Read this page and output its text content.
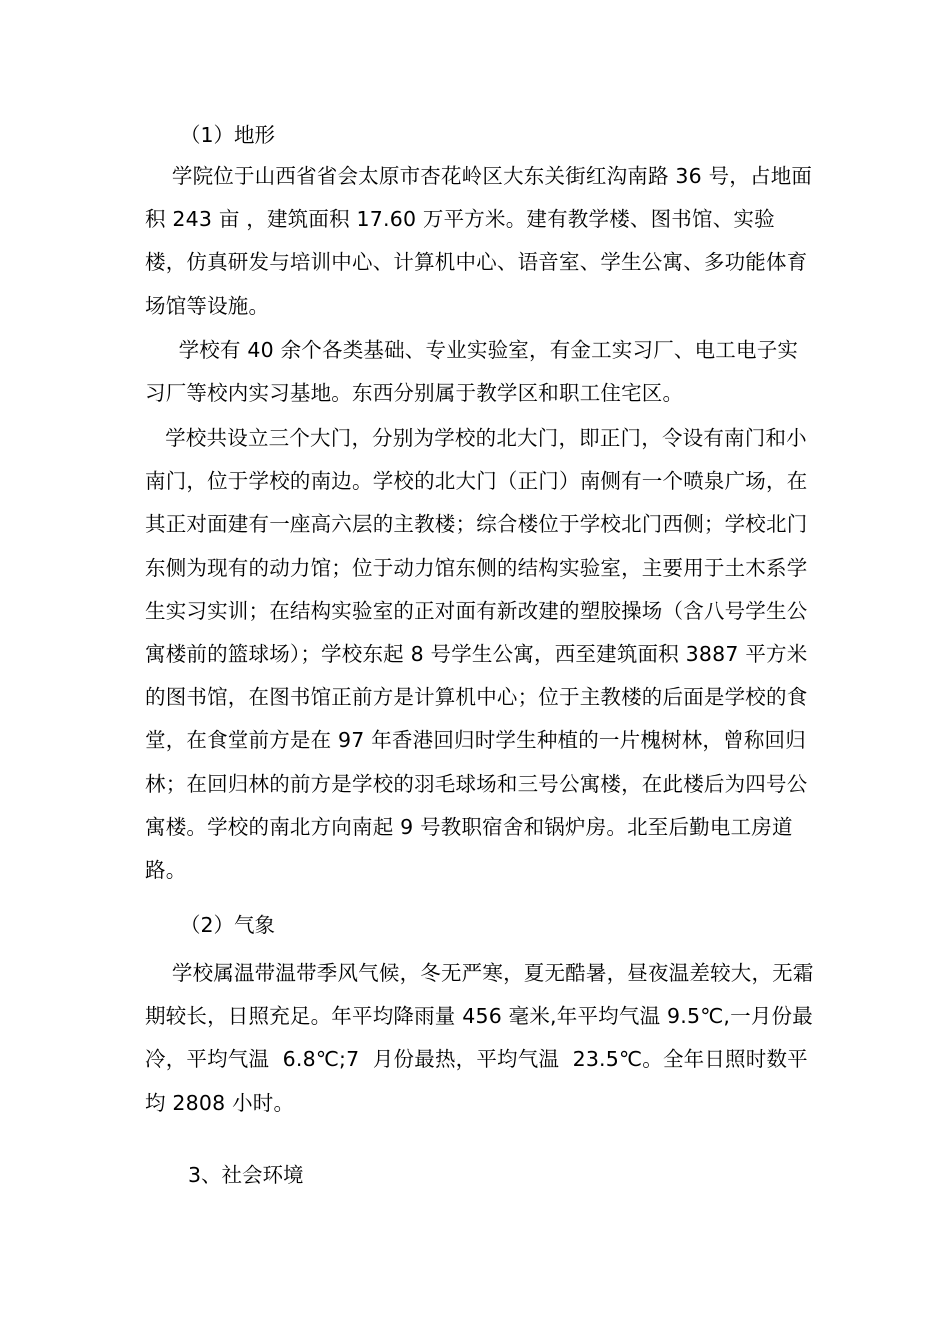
（1）地形
学院位于山西省省会太原市杏花岭区大东关街红沟南路 36 号，占地面积 243 亩 ，建筑面积 17.60 万平方米。建有教学楼、图书馆、实验楼，仿真研发与培训中心、计算机中心、语音室、学生公寓、多功能体育场馆等设施。
学校有 40 余个各类基础、专业实验室，有金工实习厂、电工电子实习厂等校内实习基地。东西分别属于教学区和职工住宅区。
学校共设立三个大门，分别为学校的北大门，即正门，令设有南门和小南门，位于学校的南边。学校的北大门（正门）南侧有一个喷泉广场，在其正对面建有一座高六层的主教楼；综合楼位于学校北门西侧；学校北门东侧为现有的动力馆；位于动力馆东侧的结构实验室，主要用于土木系学生实习实训；在结构实验室的正对面有新改建的塑胶操场（含八号学生公寓楼前的篮球场）；学校东起 8 号学生公寓，西至建筑面积 3887 平方米的图书馆，在图书馆正前方是计算机中心；位于主教楼的后面是学校的食堂，在食堂前方是在 97 年香港回归时学生种植的一片槐树林，曾称回归林；在回归林的前方是学校的羽毛球场和三号公寓楼，在此楼后为四号公寓楼。学校的南北方向南起 9 号教职宿舍和锅炉房。北至后勤电工房道路。
（2）气象
学校属温带温带季风气候，冬无严寒，夏无酷暑，昼夜温差较大，无霜期较长，日照充足。年平均降雨量 456 毫米,年平均气温 9.5℃,一月份最冷，平均气温  6.8℃;7  月份最热，平均气温  23.5℃。全年日照时数平均 2808 小时。
3、社会环境
